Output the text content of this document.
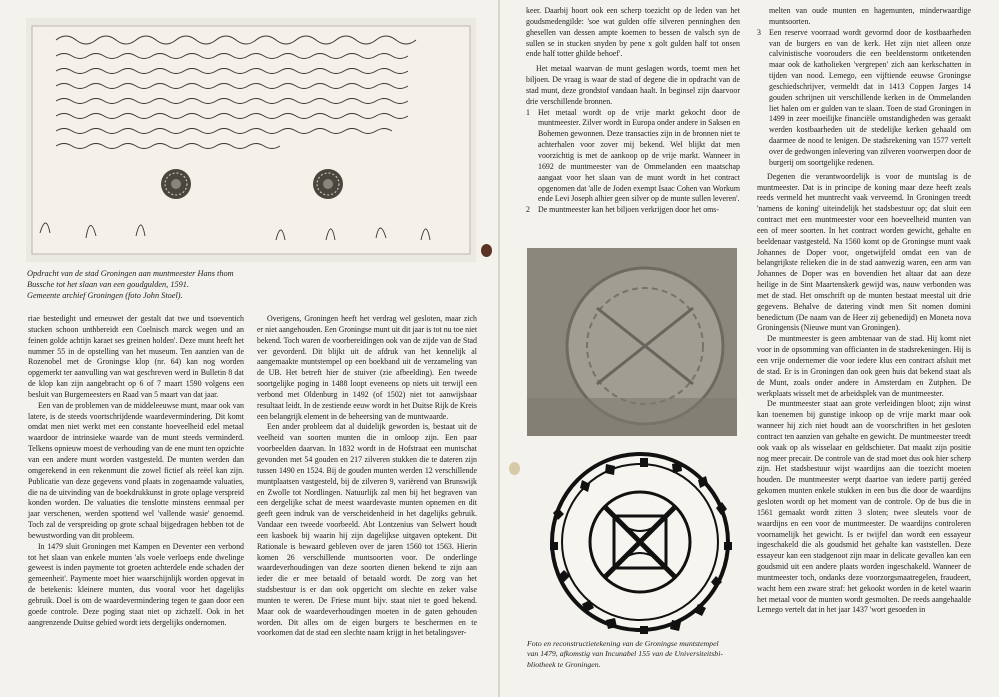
Opdracht van de stad Groningen aan muntmeester Hans thom
Bussche tot het slaan van een goudgulden, 1591.
Gemeente archief Groningen (foto John Stoel).

riae bestedight und erneuwet der gestalt dat twe und tsoeventich stucken schoon unthbereidt een Coelnisch marck wegen und an feinen golde achtijn karaet ses greinen holden'. Deze munt heeft het nummer 55 in de opstelling van het museum. Ten aanzien van de Rozenobel met de Groningse klop (nr. 64) kan nog worden opgemerkt ter aanvulling van wat geschreven werd in Bulletin 8 dat de klop kan zijn aangebracht op 6 of 7 maart 1590 volgens een besluit van Burgemeesters en Raad van 5 maart van dat jaar.

Een van de problemen van de middeleeuwse munt, maar ook van latere, is de steeds voortschrijdende waardevermindering. Dit komt omdat men niet werkt met een constante hoeveelheid edel metaal waardoor de intrinsieke waarde van de munt steeds verminderd. Telkens opnieuw moest de verhouding van de ene munt ten opzichte van een andere munt worden vastgesteld. De munten werden dan omgerekend in een rekenmunt die zowel fictief als reëel kan zijn. Publicatie van deze gegevens vond plaats in zogenaamde valuaties, die na de uitvinding van de boekdrukkunst in grote oplage verspreid konden worden. De valuaties die tenslotte minstens eenmaal per jaar verschenen, werden spottend wel 'vallende wasie' genoemd. Toch zal de verspreiding op grote schaal bijgedragen hebben tot de bewustwording van dit probleem.

In 1479 sluit Groningen met Kampen en Deventer een verbond tot het slaan van enkele munten 'als voele verloeps ende dwelinge geweest is inden paymente tot groeten achterdele ende schaden der gemeenheit'. Paymente moet hier waarschijnlijk worden opgevat in de betekenis: kleinere munten, dus vooral voor het dagelijks gebruik. Doel is om de waardevermindering tegen te gaan door een goede controle. Deze poging staat niet op zichzelf. Ook in het aangrenzende Duitse gebied wordt iets dergelijks ondernomen.

Overigens, Groningen heeft het verdrag wel gesloten, maar zich er niet aangehouden. Een Groningse munt uit dit jaar is tot nu toe niet bekend. Toch waren de voorbereidingen ook van de zijde van de Stad ver gevorderd. Dit blijkt uit de afdruk van het kennelijk al aangemaakte muntstempel op een boekband uit de verzameling van de UB. Het betreft hier de stuiver (zie afbeelding). Een tweede soortgelijke poging in 1488 loopt eveneens op niets uit terwijl een verbond met Oldenburg in 1492 (of 1502) niet tot aanwijsbaar resultaat leidt. In de zestiende eeuw wordt in het Duitse Rijk de Kreis een belangrijk element in de beheersing van de muntwaarde.

Een ander probleem dat al duidelijk geworden is, bestaat uit de veelheid van soorten munten die in omloop zijn. Een paar voorbeelden daarvan. In 1832 wordt in de Hofstraat een muntschat gevonden met 54 gouden en 217 zilveren stukken die te dateren zijn tussen 1490 en 1524. Bij de gouden munten werden 12 verschillende muntplaatsen vastgesteld, bij de zilveren 9, variërend van Brunswijk en Zwolle tot Nordlingen. Natuurlijk zal men bij het begraven van een dergelijke schat de meest waardevaste munten opnemen en dit geeft geen indruk van de verscheidenheid in het dagelijks gebruik. Vandaar een tweede voorbeeld. Abt Lontzenius van Selwert houdt een kasboek bij waarin hij zijn dagelijkse uitgaven optekent. Dit Rationale is bewaard gebleven over de jaren 1560 tot 1563. Hierin komen 26 verschillende muntsoorten voor. De onderlinge waardeverhoudingen van deze soorten dienen bekend te zijn aan ieder die er mee betaald of betaald wordt. De zorg van het stadsbestuur is er dan ook opgericht om slechte en zeker valse munten te weren. De Friese munt bijv. staat niet te goed bekend. Maar ook de waardeverhoudingen moeten in de gaten gehouden worden. Dit alles om de eigen burgers te beschermen en te voorkomen dat de stad een slechte naam krijgt in het betalingsver-

keer. Daarbij hoort ook een scherp toezicht op de leden van het goudsmedengilde: 'soe wat gulden offe silveren penninghen den ghesellen van dessen ampte koemen to bessen de valsch syn de sullen se in stucken snyden by pene x golt gulden half tot onsen ende half totter ghilde behoef'.

Het metaal waarvan de munt geslagen words, toemt men het biljoen. De vraag is waar de stad of degene die in opdracht van de stad munt, deze grondstof vandaan haalt. In beginsel zijn daarvoor drie verschillende bronnen.

1	Het metaal wordt op de vrije markt gekocht door de muntmeester. Zilver wordt in Europa onder andere in Saksen en Bohemen gewonnen. Deze transacties zijn in de bronnen niet te achterhalen voor zover mij bekend. Wel blijkt dat men voorzichtig is met de aankoop op de vrije markt. Wanneer in 1692 de muntmeester van de Ommelanden een maatschap aangaat voor het slaan van de munt wordt in het contract opgenomen dat 'alle de Joden exempt Isaac Cohen van Workum ende Levi Joseph alhier geen silver op de munte sullen leveren'.

2	De muntmeester kan het biljoen verkrijgen door het oms-

Foto en reconstructietekening van de Groningse muntstempel
van 1479, afkomstig van Incunabel 155 van de Universiteitsbi-
bliotheek te Groningen.

melten van oude munten en hagemunten, minderwaardige muntsoorten.

3	Een reserve voorraad wordt gevormd door de kostbaarheden van de burgers en van de kerk. Het zijn niet alleen onze calvinistische voorouders die een beeldenstorm ontketenden maar ook de katholieken 'vergrepen' zich aan kerkschatten in tijden van nood. Lemego, een vijftiende eeuwse Groningse geschiedschrijver, vermeldt dat in 1413 Coppen Jarges 14 gouden schrijnen uit verschillende kerken in de Ommelanden liet halen om er gulden van te slaan. Toen de stad Groningen in 1499 in zeer moeilijke financiële omstandigheden was geraakt werden kostbaarheden uit de stedelijke kerken gehaald om daarmee de nood te lenigen. De stadsrekening van 1577 vertelt over de gedwongen inlevering van zilveren voorwerpen door de burgerij om soortgelijke redenen.

Degenen die verantwoordelijk is voor de muntslag is de muntmeester. Dat is in principe de koning maar deze heeft zeals reeds vermeld het muntrecht vaak verveemd. In Groningen treedt 'namens de koning' uiteindelijk het stadsbestuur op; dat sluit een contract met een muntmeester voor een hoeveelheid munten van een of meer soorten. In het contract worden gewicht, gehalte en beeldenaar vastgesteld. Na 1560 komt op de Groningse munt vaak Johannes de Doper voor, ongetwijfeld omdat een van de belangrijkste relieken die in de stad aanwezig waren, een arm van Johannes de Doper was en bovendien het altaar dat aan deze heilige in de Sint Maartenskerk gewijd was, nauw verbonden was met de stad. Het omschrift op de munten bestaat meestal uit drie gegevens. Behalve de datering vindt men Sit nomen domini benedictum (De naam van de Heer zij gebenedijd) en Moneta nova Groningensis (Nieuwe munt van Groningen).

De muntmeester is geen ambtenaar van de stad. Hij komt niet voor in de opsomming van officianten in de stadsrekeningen. Hij is een vrije ondernemer die voor iedere klus een contract afsluit met de stad. Er is in Groningen dan ook geen huis dat bekend staat als de Munt, zoals onder andere in Amsterdam en Zutphen. De werkplaats wisselt met de arbeidsplek van de muntmeester.

De muntmeester staat aan grote verleidingen bloot; zijn winst kan toenemen bij gunstige inkoop op de vrije markt maar ook wanneer hij zich niet houdt aan de voorschriften in het gesloten contract ten aanzien van gehalte en gewicht. De muntmeester treedt ook vaak op als wisselaar en geldschieter. Dat maakt zijn positie nog meer precair. De controle van de stad moet dus ook hier scherp zijn. Het stadsbestuur wijst waardijns aan die toezicht moeten houden. De muntmeester werpt daartoe van iedere partij geréed gekomen munten enkele stukken in een bus die door de waardijns gesloten wordt op het moment van de controle. Op de bus die in 1561 gemaakt wordt zitten 3 sloten; twee sleutels voor de waardijns en een voor de muntmeester. De waardijns controleren voornamelijk het gewicht. Is er twijfel dan wordt een essayeur ingeschakeld die als goudsmid het gehalte kan vaststellen. Deze essayeur kan een stadgenoot zijn maar in delicate gevallen kan een goudsmid uit een andere plaats worden ingeschakeld. Wanneer de muntmeester toch, ondanks deze voorzorgsmaatregelen, fraudeert, wacht hem een zware straf: het gekookt worden in de ketel waarin het metaal voor de munten wordt gesmolten. De reeds aangehaalde Lemego vertelt dat in het jaar 1437 'wort gesoeden in
